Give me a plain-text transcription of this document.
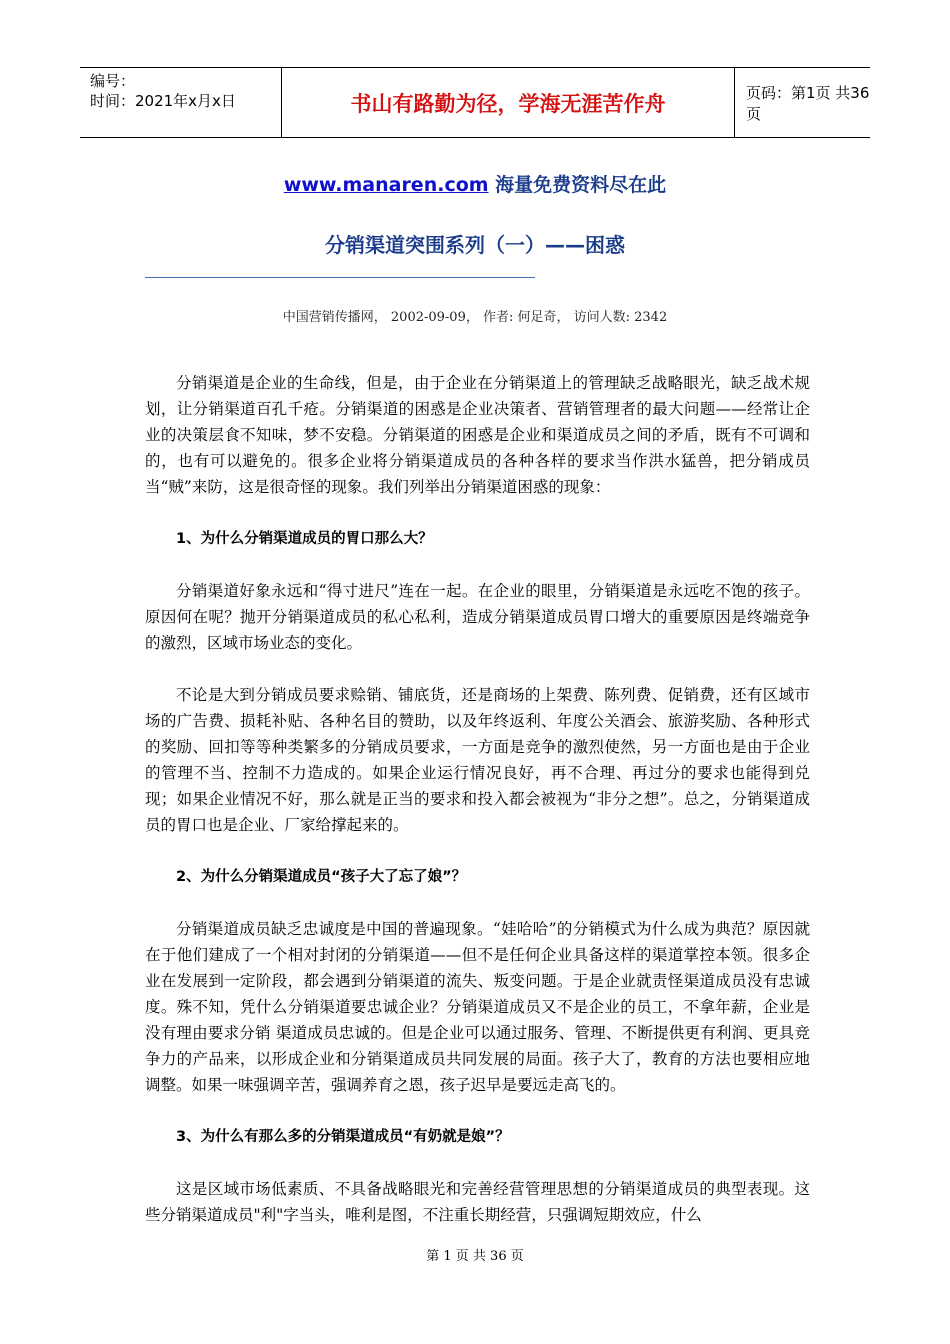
编号：
时间：2021年x月x日	书山有路勤为径，学海无涯苦作舟	页码：第1页 共36页
www.manaren.com 海量免费资料尽在此
分销渠道突围系列（一）——困惑
中国营销传播网， 2002-09-09， 作者: 何足奇， 访问人数: 2342

分销渠道是企业的生命线，但是，由于企业在分销渠道上的管理缺乏战略眼光，缺乏战术规划，让分销渠道百孔千疮。分销渠道的困惑是企业决策者、营销管理者的最大问题——经常让企业的决策层食不知味，梦不安稳。分销渠道的困惑是企业和渠道成员之间的矛盾，既有不可调和的，也有可以避免的。很多企业将分销渠道成员的各种各样的要求当作洪水猛兽，把分销成员当“贼”来防，这是很奇怪的现象。我们列举出分销渠道困惑的现象：

1、为什么分销渠道成员的胃口那么大？

分销渠道好象永远和“得寸进尺”连在一起。在企业的眼里，分销渠道是永远吃不饱的孩子。原因何在呢？抛开分销渠道成员的私心私利，造成分销渠道成员胃口增大的重要原因是终端竞争的激烈，区域市场业态的变化。

不论是大到分销成员要求赊销、铺底货，还是商场的上架费、陈列费、促销费，还有区域市场的广告费、损耗补贴、各种名目的赞助，以及年终返利、年度公关酒会、旅游奖励、各种形式的奖励、回扣等等种类繁多的分销成员要求，一方面是竞争的激烈使然，另一方面也是由于企业的管理不当、控制不力造成的。如果企业运行情况良好，再不合理、再过分的要求也能得到兑现；如果企业情况不好，那么就是正当的要求和投入都会被视为“非分之想”。总之，分销渠道成员的胃口也是企业、厂家给撑起来的。

2、为什么分销渠道成员“孩子大了忘了娘”？

分销渠道成员缺乏忠诚度是中国的普遍现象。“娃哈哈”的分销模式为什么成为典范？原因就在于他们建成了一个相对封闭的分销渠道——但不是任何企业具备这样的渠道掌控本领。很多企业在发展到一定阶段，都会遇到分销渠道的流失、叛变问题。于是企业就责怪渠道成员没有忠诚度。殊不知，凭什么分销渠道要忠诚企业？分销渠道成员又不是企业的员工，不拿年薪，企业是没有理由要求分销 渠道成员忠诚的。但是企业可以通过服务、管理、不断提供更有利润、更具竞争力的产品来，以形成企业和分销渠道成员共同发展的局面。孩子大了，教育的方法也要相应地调整。如果一味强调辛苦，强调养育之恩，孩子迟早是要远走高飞的。

3、为什么有那么多的分销渠道成员“有奶就是娘”？

这是区域市场低素质、不具备战略眼光和完善经营管理思想的分销渠道成员的典型表现。这些分销渠道成员"利"字当头，唯利是图，不注重长期经营，只强调短期效应，什么

第 1 页 共 36 页
